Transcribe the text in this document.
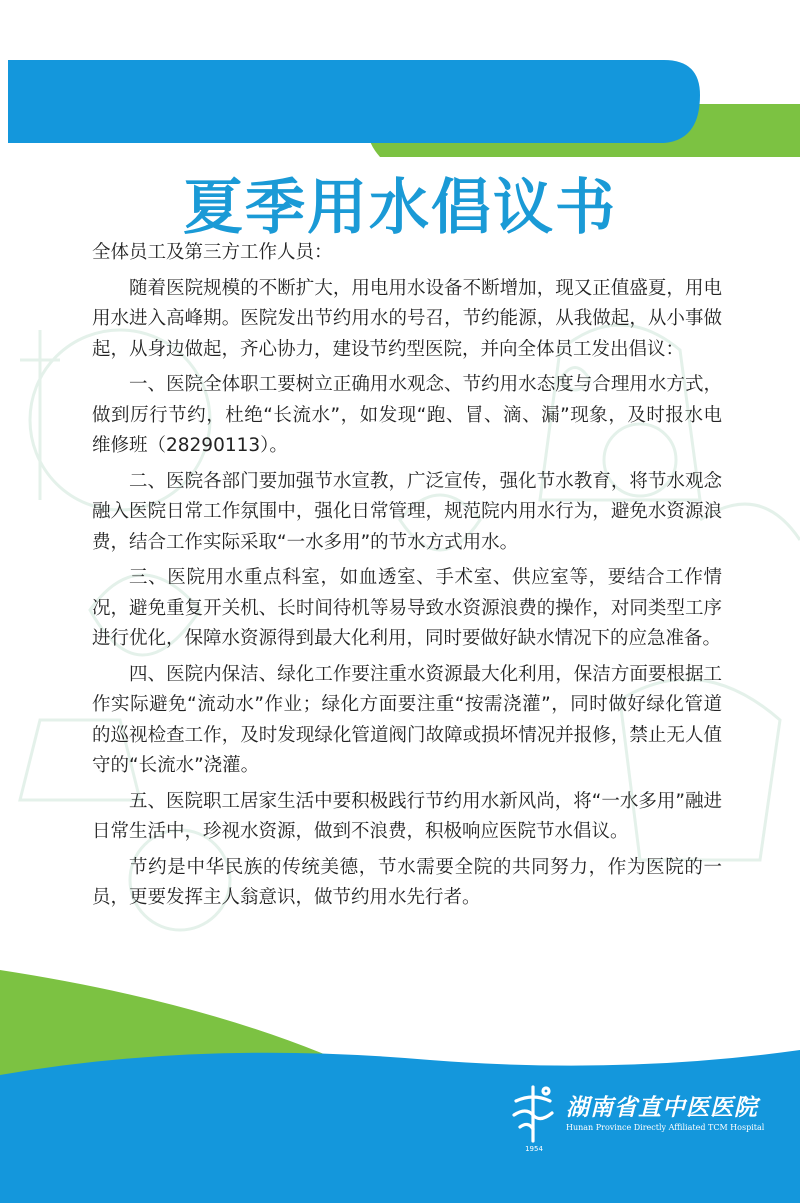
夏季用水倡议书

全体员工及第三方工作人员：

随着医院规模的不断扩大，用电用水设备不断增加，现又正值盛夏，用电用水进入高峰期。医院发出节约用水的号召，节约能源，从我做起，从小事做起，从身边做起，齐心协力，建设节约型医院，并向全体员工发出倡议：

一、医院全体职工要树立正确用水观念、节约用水态度与合理用水方式，做到厉行节约，杜绝“长流水”，如发现“跑、冒、滴、漏”现象，及时报水电维修班（28290113）。

二、医院各部门要加强节水宣教，广泛宣传，强化节水教育，将节水观念融入医院日常工作氛围中，强化日常管理，规范院内用水行为，避免水资源浪费，结合工作实际采取“一水多用”的节水方式用水。

三、医院用水重点科室，如血透室、手术室、供应室等，要结合工作情况，避免重复开关机、长时间待机等易导致水资源浪费的操作，对同类型工序进行优化，保障水资源得到最大化利用，同时要做好缺水情况下的应急准备。

四、医院内保洁、绿化工作要注重水资源最大化利用，保洁方面要根据工作实际避免“流动水”作业；绿化方面要注重“按需浇灌”，同时做好绿化管道的巡视检查工作，及时发现绿化管道阀门故障或损坏情况并报修，禁止无人值守的“长流水”浇灌。

五、医院职工居家生活中要积极践行节约用水新风尚，将“一水多用”融进日常生活中，珍视水资源，做到不浪费，积极响应医院节水倡议。

节约是中华民族的传统美德，节水需要全院的共同努力，作为医院的一员，更要发挥主人翁意识，做节约用水先行者。

1954
湖南省直中医医院
Hunan Province Directly Affiliated TCM Hospital
